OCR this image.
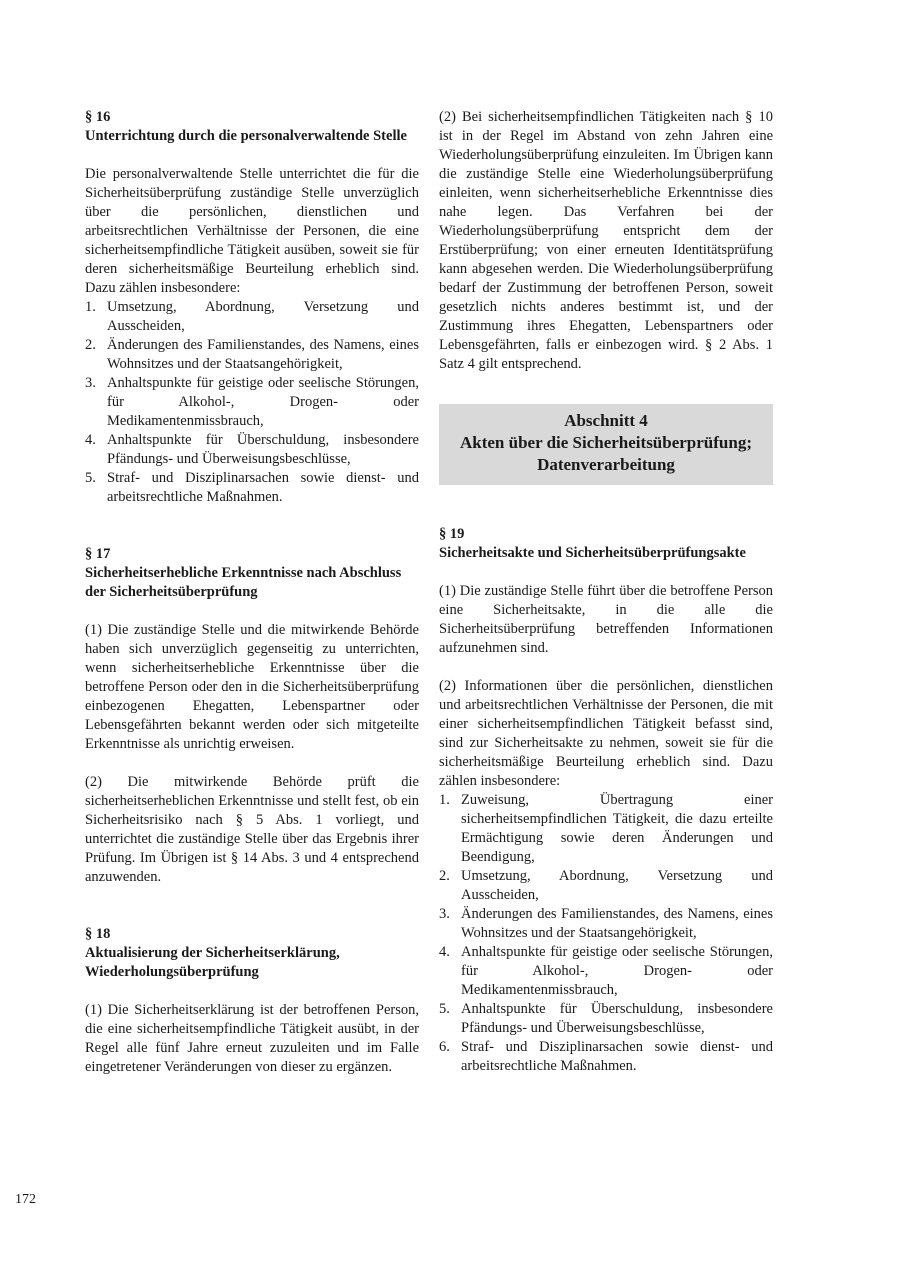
§ 16
Unterrichtung durch die personalverwaltende Stelle

Die personalverwaltende Stelle unterrichtet die für die Sicherheitsüberprüfung zuständige Stelle unverzüglich über die persönlichen, dienstlichen und arbeitsrechtlichen Verhältnisse der Personen, die eine sicherheitsempfindliche Tätigkeit ausüben, soweit sie für deren sicherheitsmäßige Beurteilung erheblich sind. Dazu zählen insbesondere:

1. Umsetzung, Abordnung, Versetzung und Ausscheiden,
2. Änderungen des Familienstandes, des Namens, eines Wohnsitzes und der Staatsangehörigkeit,
3. Anhaltspunkte für geistige oder seelische Störungen, für Alkohol-, Drogen- oder Medikamentenmissbrauch,
4. Anhaltspunkte für Überschuldung, insbesondere Pfändungs- und Überweisungsbeschlüsse,
5. Straf- und Disziplinarsachen sowie dienst- und arbeitsrechtliche Maßnahmen.
§ 17
Sicherheitserhebliche Erkenntnisse nach Abschluss der Sicherheitsüberprüfung

(1) Die zuständige Stelle und die mitwirkende Behörde haben sich unverzüglich gegenseitig zu unterrichten, wenn sicherheitserhebliche Erkenntnisse über die betroffene Person oder den in die Sicherheitsüberprüfung einbezogenen Ehegatten, Lebenspartner oder Lebensgefährten bekannt werden oder sich mitgeteilte Erkenntnisse als unrichtig erweisen.

(2) Die mitwirkende Behörde prüft die sicherheitserheblichen Erkenntnisse und stellt fest, ob ein Sicherheitsrisiko nach § 5 Abs. 1 vorliegt, und unterrichtet die zuständige Stelle über das Ergebnis ihrer Prüfung. Im Übrigen ist § 14 Abs. 3 und 4 entsprechend anzuwenden.

§ 18
Aktualisierung der Sicherheitserklärung, Wiederholungsüberprüfung

(1) Die Sicherheitserklärung ist der betroffenen Person, die eine sicherheitsempfindliche Tätigkeit ausübt, in der Regel alle fünf Jahre erneut zuzuleiten und im Falle eingetretener Veränderungen von dieser zu ergänzen.

(2) Bei sicherheitsempfindlichen Tätigkeiten nach § 10 ist in der Regel im Abstand von zehn Jahren eine Wiederholungsüberprüfung einzuleiten. Im Übrigen kann die zuständige Stelle eine Wiederholungsüberprüfung einleiten, wenn sicherheitserhebliche Erkenntnisse dies nahe legen. Das Verfahren bei der Wiederholungsüberprüfung entspricht dem der Erstüberprüfung; von einer erneuten Identitätsprüfung kann abgesehen werden. Die Wiederholungsüberprüfung bedarf der Zustimmung der betroffenen Person, soweit gesetzlich nichts anderes bestimmt ist, und der Zustimmung ihres Ehegatten, Lebenspartners oder Lebensgefährten, falls er einbezogen wird. § 2 Abs. 1 Satz 4 gilt entsprechend.

Abschnitt 4
Akten über die Sicherheitsüberprüfung;
Datenverarbeitung
§ 19
Sicherheitsakte und Sicherheitsüberprüfungsakte

(1) Die zuständige Stelle führt über die betroffene Person eine Sicherheitsakte, in die alle die Sicherheitsüberprüfung betreffenden Informationen aufzunehmen sind.

(2) Informationen über die persönlichen, dienstlichen und arbeitsrechtlichen Verhältnisse der Personen, die mit einer sicherheitsempfindlichen Tätigkeit befasst sind, sind zur Sicherheitsakte zu nehmen, soweit sie für die sicherheitsmäßige Beurteilung erheblich sind. Dazu zählen insbesondere:

1. Zuweisung, Übertragung einer sicherheitsempfindlichen Tätigkeit, die dazu erteilte Ermächtigung sowie deren Änderungen und Beendigung,
2. Umsetzung, Abordnung, Versetzung und Ausscheiden,
3. Änderungen des Familienstandes, des Namens, eines Wohnsitzes und der Staatsangehörigkeit,
4. Anhaltspunkte für geistige oder seelische Störungen, für Alkohol-, Drogen- oder Medikamentenmissbrauch,
5. Anhaltspunkte für Überschuldung, insbesondere Pfändungs- und Überweisungsbeschlüsse,
6. Straf- und Disziplinarsachen sowie dienst- und arbeitsrechtliche Maßnahmen.
172
